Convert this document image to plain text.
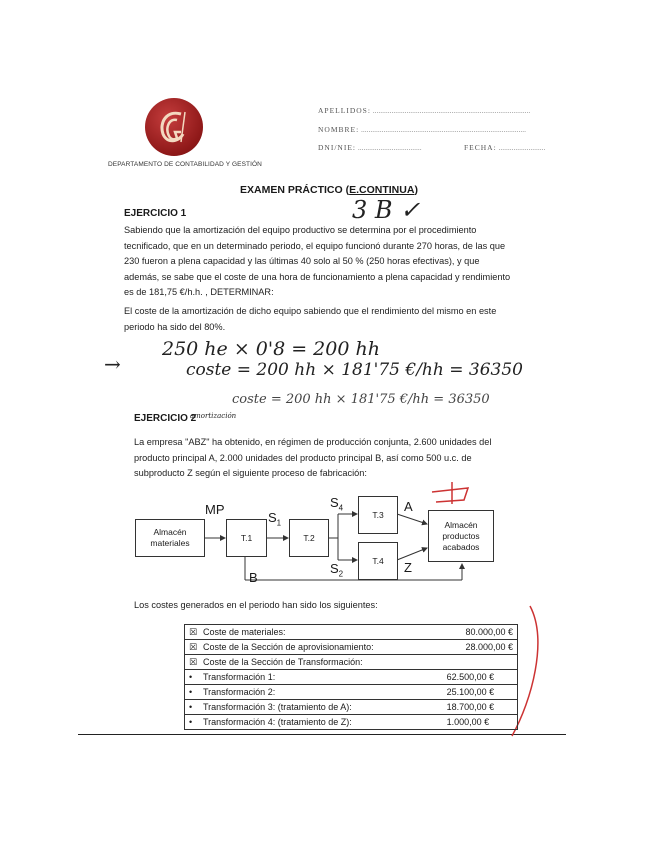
DEPARTAMENTO DE CONTABILIDAD Y GESTIÓN
APELLIDOS: ....................................................................................
NOMBRE: ........................................................................................
DNI/NIE: ..................................	FECHA: .........................
EXAMEN PRÁCTICO (E.CONTINUA)
EJERCICIO 1	3 B ✓
Sabiendo que la amortización del equipo productivo se determina por el procedimiento tecnificado, que en un determinado periodo, el equipo funcionó durante 270 horas, de las que 230 fueron a plena capacidad y las últimas 40 solo al 50 % (250 horas efectivas), y que además, se sabe que el coste de una hora de funcionamiento a plena capacidad y rendimiento es de 181,75 €/h.h. , DETERMINAR:
El coste de la amortización de dicho equipo sabiendo que el rendimiento del mismo en este periodo ha sido del 80%.
→
250 he × 0'8 = 200 hh
coste = 200 hh × 181'75 €/hh = 36350
coste = 200 hh × 181'75 €/hh = 36350
EJERCICIO 2
amortización
La empresa "ABZ" ha obtenido, en régimen de producción conjunta, 2.600 unidades del producto principal A, 2.000 unidades del producto principal B, así como 500 u.c. de subproducto Z según el siguiente proceso de fabricación:
Almacén materiales
T.1	T.2
T.3
T.4
Almacén productos acabados
MP
$S_1$
$S_4$
$S_2$
A
Z
B
Los costes generados en el periodo han sido los siguientes:
☒ Coste de materiales:	80.000,00 €
☒ Coste de la Sección de aprovisionamiento:	28.000,00 €
☒ Coste de la Sección de Transformación:	
• Transformación 1:	62.500,00 €
• Transformación 2:	25.100,00 €
• Transformación 3: (tratamiento de A):	18.700,00 €
• Transformación 4: (tratamiento de Z):	1.000,00 €
